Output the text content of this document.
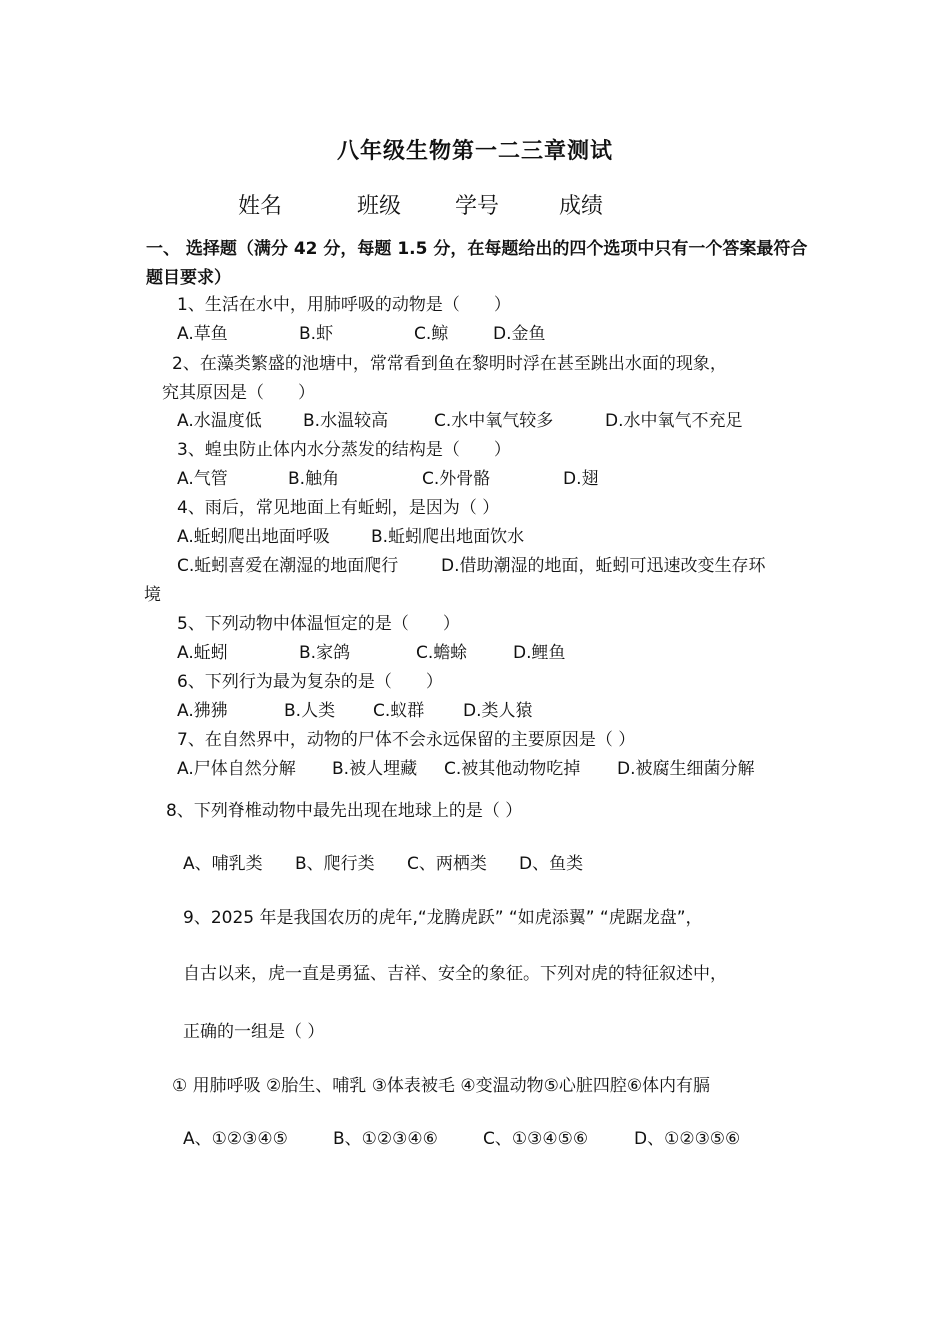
八年级生物第一二三章测试
姓名	班级 学号	成绩
一、 选择题（满分 42 分，每题 1.5 分，在每题给出的四个选项中只有一个答案最符合题目要求）
1、生活在水中，用肺呼吸的动物是（　　）
A.草鱼	B.虾	C.鲸	D.金鱼
2、在藻类繁盛的池塘中，常常看到鱼在黎明时浮在甚至跳出水面的现象，
究其原因是（　　）
A.水温度低 B.水温较高	C.水中氧气较多	D.水中氧气不充足
3、蝗虫防止体内水分蒸发的结构是（　　）
A.气管	B.触角	C.外骨骼	D.翅
4、雨后，常见地面上有蚯蚓，是因为（ ）
A.蚯蚓爬出地面呼吸 B.蚯蚓爬出地面饮水
C.蚯蚓喜爱在潮湿的地面爬行	D.借助潮湿的地面，蚯蚓可迅速改变生存环
境
5、下列动物中体温恒定的是（　　）
A.蚯蚓	B.家鸽	C.蟾蜍	D.鲤鱼
6、下列行为最为复杂的是（　　）
A.狒狒	B.人类 C.蚁群 D.类人猿
7、在自然界中，动物的尸体不会永远保留的主要原因是（ ）
A.尸体自然分解 B.被人埋藏 C.被其他动物吃掉 D.被腐生细菌分解
8、下列脊椎动物中最先出现在地球上的是（ ）
A、哺乳类 B、爬行类 C、两栖类 D、鱼类
9、2025 年是我国农历的虎年,“龙腾虎跃” “如虎添翼” “虎踞龙盘”，
自古以来，虎一直是勇猛、吉祥、安全的象征。下列对虎的特征叙述中，
正确的一组是（ ）
① 用肺呼吸 ②胎生、哺乳 ③体表被毛 ④变温动物⑤心脏四腔⑥体内有膈
A、①②③④⑤	B、①②③④⑥	C、①③④⑤⑥	D、①②③⑤⑥
